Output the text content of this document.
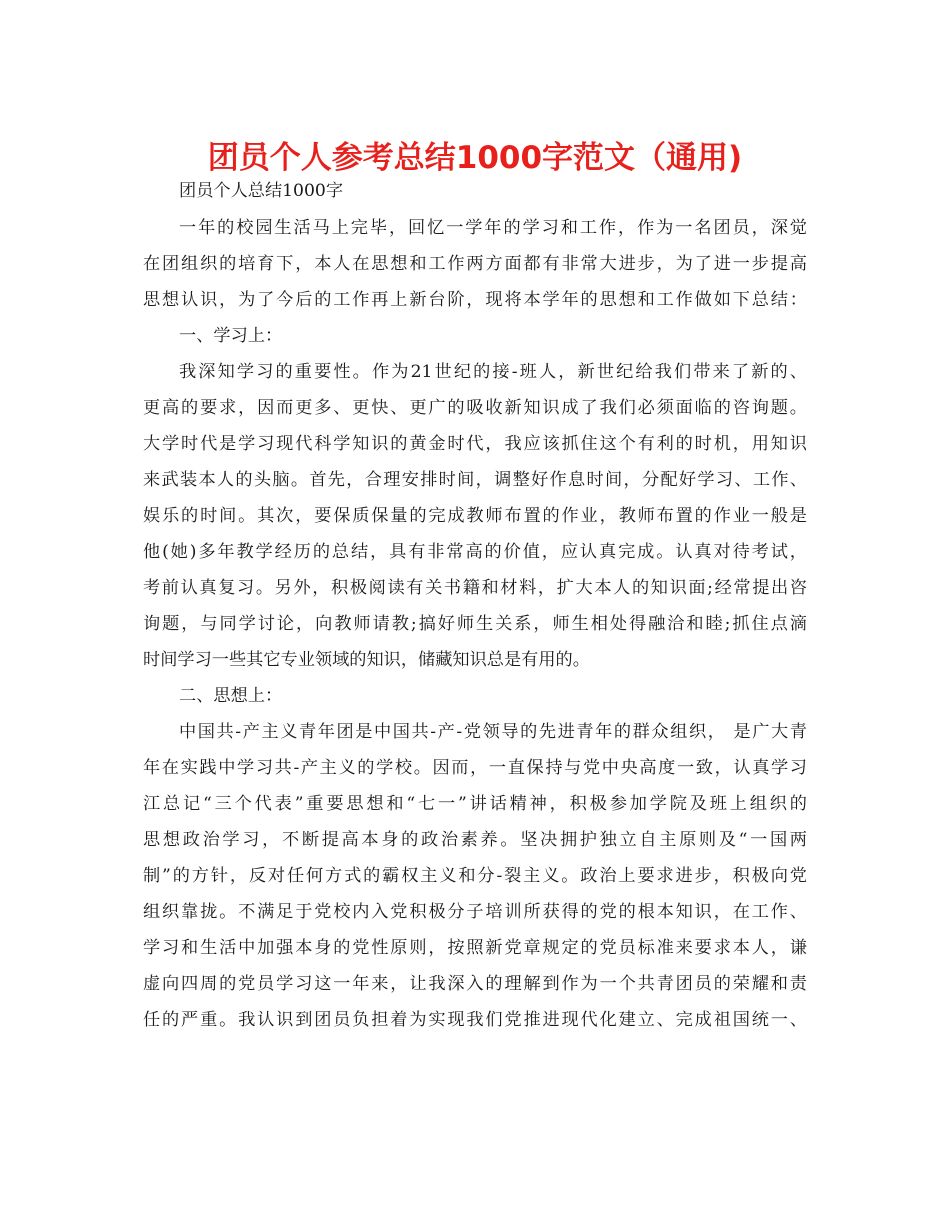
团员个人参考总结1000字范文（通用)
团员个人总结1000字
一年的校园生活马上完毕，回忆一学年的学习和工作，作为一名团员，深觉
在团组织的培育下，本人在思想和工作两方面都有非常大进步，为了进一步提高
思想认识，为了今后的工作再上新台阶，现将本学年的思想和工作做如下总结：
一、学习上：
我深知学习的重要性。作为21世纪的接-班人，新世纪给我们带来了新的、
更高的要求，因而更多、更快、更广的吸收新知识成了我们必须面临的咨询题。
大学时代是学习现代科学知识的黄金时代，我应该抓住这个有利的时机，用知识
来武装本人的头脑。首先，合理安排时间，调整好作息时间，分配好学习、工作、
娱乐的时间。其次，要保质保量的完成教师布置的作业，教师布置的作业一般是
他(她)多年教学经历的总结，具有非常高的价值，应认真完成。认真对待考试，
考前认真复习。另外，积极阅读有关书籍和材料，扩大本人的知识面;经常提出咨
询题，与同学讨论，向教师请教;搞好师生关系，师生相处得融洽和睦;抓住点滴
时间学习一些其它专业领域的知识，储藏知识总是有用的。
二、思想上：
中国共-产主义青年团是中国共-产-党领导的先进青年的群众组织， 是广大青
年在实践中学习共-产主义的学校。因而，一直保持与党中央高度一致，认真学习
江总记“三个代表”重要思想和“七一”讲话精神，积极参加学院及班上组织的
思想政治学习，不断提高本身的政治素养。坚决拥护独立自主原则及“一国两
制”的方针，反对任何方式的霸权主义和分-裂主义。政治上要求进步，积极向党
组织靠拢。不满足于党校内入党积极分子培训所获得的党的根本知识，在工作、
学习和生活中加强本身的党性原则，按照新党章规定的党员标准来要求本人，谦
虚向四周的党员学习这一年来，让我深入的理解到作为一个共青团员的荣耀和责
任的严重。我认识到团员负担着为实现我们党推进现代化建立、完成祖国统一、
